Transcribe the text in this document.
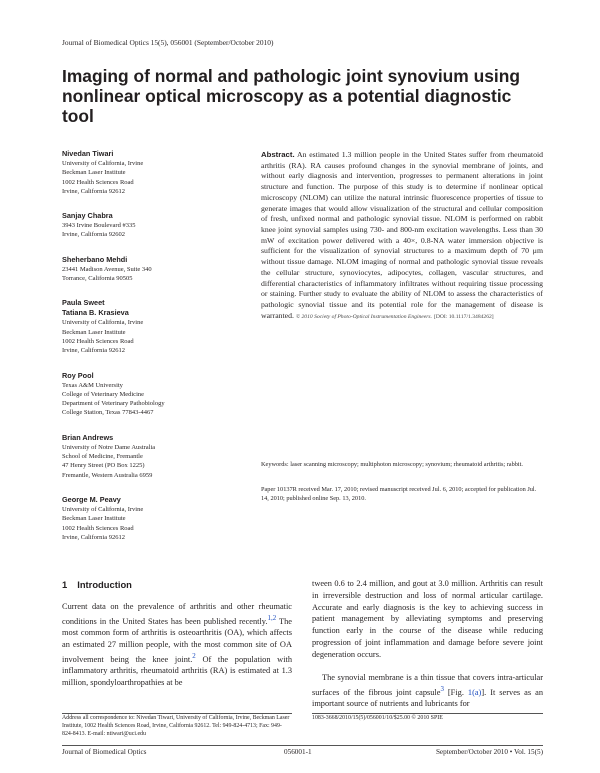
Journal of Biomedical Optics 15(5), 056001 (September/October 2010)
Imaging of normal and pathologic joint synovium using nonlinear optical microscopy as a potential diagnostic tool
Nivedan Tiwari
University of California, Irvine
Beckman Laser Institute
1002 Health Sciences Road
Irvine, California 92612
Sanjay Chabra
3943 Irvine Boulevard #335
Irvine, California 92602
Sheherbano Mehdi
23441 Madison Avenue, Suite 340
Torrance, California 90505
Paula Sweet
Tatiana B. Krasieva
University of California, Irvine
Beckman Laser Institute
1002 Health Sciences Road
Irvine, California 92612
Roy Pool
Texas A&M University
College of Veterinary Medicine
Department of Veterinary Pathobiology
College Station, Texas 77843-4467
Brian Andrews
University of Notre Dame Australia
School of Medicine, Fremantle
47 Henry Street (PO Box 1225)
Fremantle, Western Australia 6959
George M. Peavy
University of California, Irvine
Beckman Laser Institute
1002 Health Sciences Road
Irvine, California 92612

Abstract. An estimated 1.3 million people in the United States suffer from rheumatoid arthritis (RA). RA causes profound changes in the synovial membrane of joints, and without early diagnosis and intervention, progresses to permanent alterations in joint structure and function. The purpose of this study is to determine if nonlinear optical microscopy (NLOM) can utilize the natural intrinsic fluorescence properties of tissue to generate images that would allow visualization of the structural and cellular composition of fresh, unfixed normal and pathologic synovial tissue. NLOM is performed on rabbit knee joint synovial samples using 730- and 800-nm excitation wavelengths. Less than 30 mW of excitation power delivered with a 40×, 0.8-NA water immersion objective is sufficient for the visualization of synovial structures to a maximum depth of 70 μm without tissue damage. NLOM imaging of normal and pathologic synovial tissue reveals the cellular structure, synoviocytes, adipocytes, collagen, vascular structures, and differential characteristics of inflammatory infiltrates without requiring tissue processing or staining. Further study to evaluate the ability of NLOM to assess the characteristics of pathologic synovial tissue and its potential role for the management of disease is warranted. © 2010 Society of Photo-Optical Instrumentation Engineers. [DOI: 10.1117/1.3484262]

Keywords: laser scanning microscopy; multiphoton microscopy; synovium; rheumatoid arthritis; rabbit.

Paper 10137R received Mar. 17, 2010; revised manuscript received Jul. 6, 2010; accepted for publication Jul. 14, 2010; published online Sep. 13, 2010.

1 Introduction

Current data on the prevalence of arthritis and other rheumatic conditions in the United States has been published recently.$^{1,2}$ The most common form of arthritis is osteoarthritis (OA), which affects an estimated 27 million people, with the most common site of OA involvement being the knee joint.$^2$ Of the population with inflammatory arthritis, rheumatoid arthritis (RA) is estimated at 1.3 million, spondyloarthropathies at be

The synovial membrane is a thin tissue that covers intra-articular surfaces of the fibrous joint capsule$^3$ [Fig. 1(a)]. It serves as an important source of nutrients and lubricants for

Address all correspondence to: Nivedan Tiwari, University of California, Irvine, Beckman Laser Institute, 1002 Health Sciences Road, Irvine, California 92612. Tel: 949-824-4713; Fax: 949-824-8413. E-mail: ntiwari@uci.edu

1083-3668/2010/15(5)/056001/10/$25.00 © 2010 SPIE

Journal of Biomedical Optics	056001-1	September/October 2010 • Vol. 15(5)

tween 0.6 to 2.4 million, and gout at 3.0 million. Arthritis can result in irreversible destruction and loss of normal articular cartilage. Accurate and early diagnosis is the key to achieving success in patient management by alleviating symptoms and preserving function early in the course of the disease while reducing progression of joint inflammation and damage before severe joint degeneration occurs.
